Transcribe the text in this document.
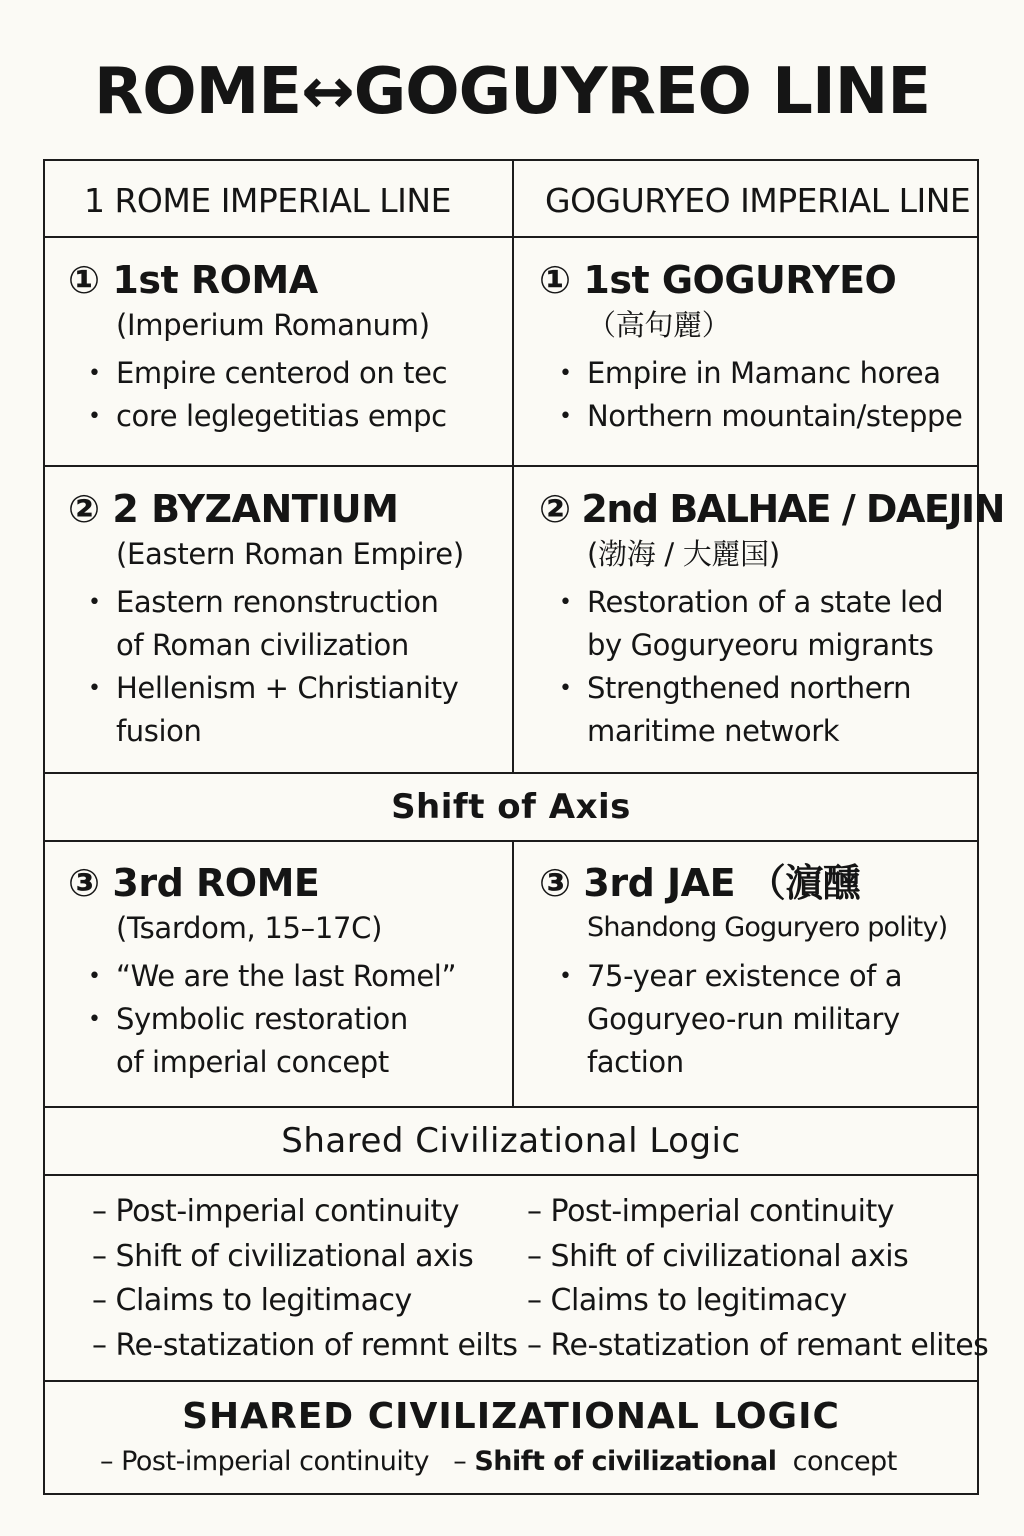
ROME↔GOGUYREO LINE
1 ROME IMPERIAL LINE	GOGURYEO IMPERIAL LINE
① 1st ROMA
(Imperium Romanum)
• Empire centerod on tec
• core leglegetitias empc
① 1st GOGURYEO
（高句麗）
• Empire in Mamanc horea
• Northern mountain/steppe
② 2 BYZANTIUM
(Eastern Roman Empire)
• Eastern renonstruction
of Roman civilization
• Hellenism + Christianity
fusion
② 2nd BALHAE / DAEJIN
(渤海 / 大麗国)
• Restoration of a state led
by Goguryeoru migrants
• Strengthened northern
maritime network
Shift of Axis
③ 3rd ROME
(Tsardom, 15–17C)
• “We are the last Romel”
• Symbolic restoration
of imperial concept
③ 3rd JAE （濵醺
Shandong Goguryero polity)
• 75-year existence of a
Goguryeo-run military
faction
Shared Civilizational Logic
– Post-imperial continuity
– Shift of civilizational axis
– Claims to legitimacy
– Re-statization of remnt eilts
– Post-imperial continuity
– Shift of civilizational axis
– Claims to legitimacy
– Re-statization of remant elites
SHARED CIVILIZATIONAL LOGIC
– Post-imperial continuity   – Shift of civilizational concept
